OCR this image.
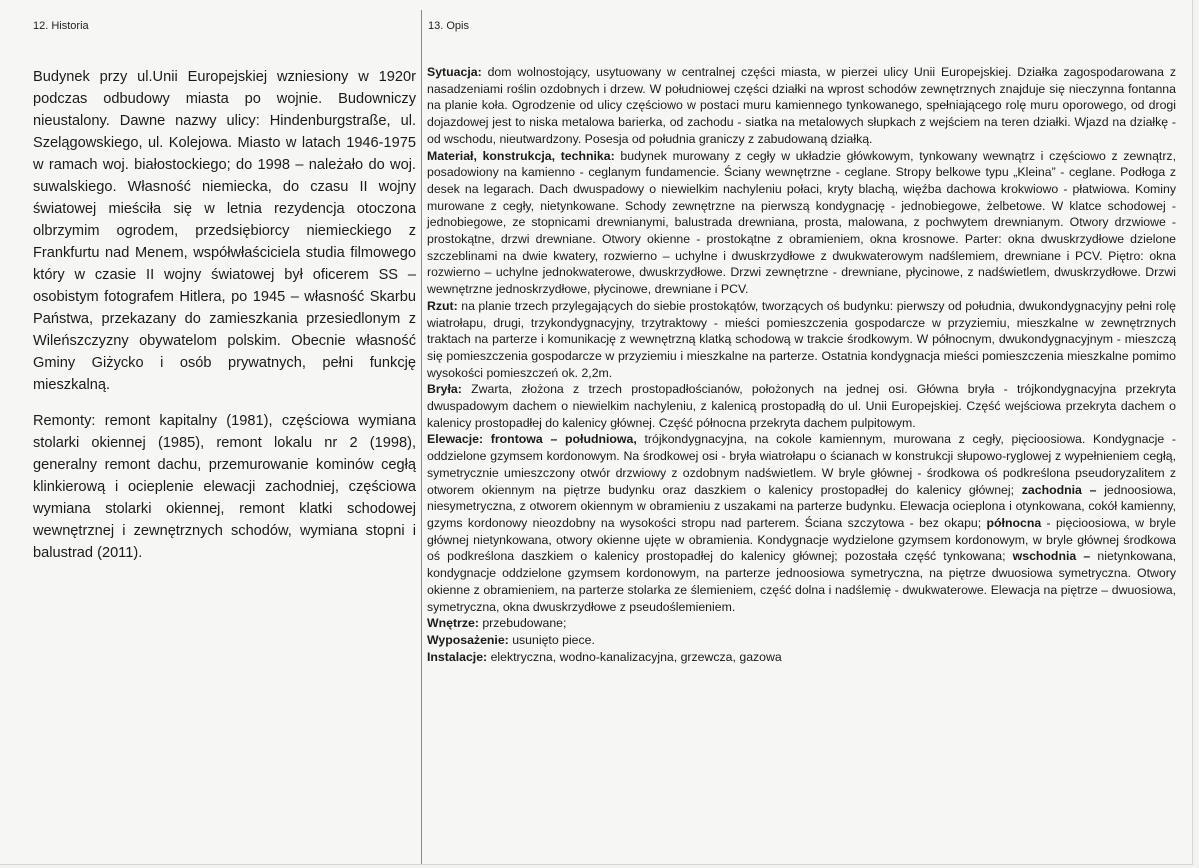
12. Historia	13. Opis

Budynek przy ul.Unii Europejskiej wzniesiony w 1920r podczas odbudowy miasta po wojnie. Budowniczy nieustalony. Dawne nazwy ulicy: Hindenburgstraße, ul. Szelągowskiego, ul. Kolejowa. Miasto w latach 1946-1975 w ramach woj. białostockiego; do 1998 – należało do woj. suwalskiego. Własność niemiecka, do czasu II wojny światowej mieściła się w letnia rezydencja otoczona olbrzymim ogrodem, przedsiębiorcy niemieckiego z Frankfurtu nad Menem, współwłaściciela studia filmowego który w czasie II wojny światowej był oficerem SS – osobistym fotografem Hitlera, po 1945 – własność Skarbu Państwa, przekazany do zamieszkania przesiedlonym z Wileńszczyzny obywatelom polskim. Obecnie własność Gminy Giżycko i osób prywatnych, pełni funkcję mieszkalną.

Remonty: remont kapitalny (1981), częściowa wymiana stolarki okiennej (1985), remont lokalu nr 2 (1998), generalny remont dachu, przemurowanie kominów cegłą klinkierową i ocieplenie elewacji zachodniej, częściowa wymiana stolarki okiennej, remont klatki schodowej wewnętrznej i zewnętrznych schodów, wymiana stopni i balustrad (2011).

Sytuacja: dom wolnostojący, usytuowany w centralnej części miasta, w pierzei ulicy Unii Europejskiej. Działka zagospodarowana z nasadzeniami roślin ozdobnych i drzew. W południowej części działki na wprost schodów zewnętrznych znajduje się nieczynna fontanna na planie koła. Ogrodzenie od ulicy częściowo w postaci muru kamiennego tynkowanego, spełniającego rolę muru oporowego, od drogi dojazdowej jest to niska metalowa barierka, od zachodu - siatka na metalowych słupkach z wejściem na teren działki. Wjazd na działkę - od wschodu, nieutwardzony. Posesja od południa graniczy z zabudowaną działką.

Materiał, konstrukcja, technika: budynek murowany z cegły w układzie główkowym, tynkowany wewnątrz i częściowo z zewnątrz, posadowiony na kamienno - ceglanym fundamencie. Ściany wewnętrzne - ceglane. Stropy belkowe typu „Kleina” - ceglane. Podłoga z desek na legarach. Dach dwuspadowy o niewielkim nachyleniu połaci, kryty blachą, więźba dachowa krokwiowo - płatwiowa. Kominy murowane z cegły, nietynkowane. Schody zewnętrzne na pierwszą kondygnację - jednobiegowe, żelbetowe. W klatce schodowej - jednobiegowe, ze stopnicami drewnianymi, balustrada drewniana, prosta, malowana, z pochwytem drewnianym. Otwory drzwiowe - prostokątne, drzwi drewniane. Otwory okienne - prostokątne z obramieniem, okna krosnowe. Parter: okna dwuskrzydłowe dzielone szczeblinami na dwie kwatery, rozwierno – uchylne i dwuskrzydłowe z dwukwaterowym nadślemiem, drewniane i PCV. Piętro: okna rozwierno – uchylne jednokwaterowe, dwuskrzydłowe. Drzwi zewnętrzne - drewniane, płycinowe, z nadświetlem, dwuskrzydłowe. Drzwi wewnętrzne jednoskrzydłowe, płycinowe, drewniane i PCV.

Rzut: na planie trzech przylegających do siebie prostokątów, tworzących oś budynku: pierwszy od południa, dwukondygnacyjny pełni rolę wiatrołapu, drugi, trzykondygnacyjny, trzytraktowy - mieści pomieszczenia gospodarcze w przyziemiu, mieszkalne w zewnętrznych traktach na parterze i komunikację z wewnętrzną klatką schodową w trakcie środkowym. W północnym, dwukondygnacyjnym - mieszczą się pomieszczenia gospodarcze w przyziemiu i mieszkalne na parterze. Ostatnia kondygnacja mieści pomieszczenia mieszkalne pomimo wysokości pomieszczeń ok. 2,2m.

Bryła: Zwarta, złożona z trzech prostopadłościanów, położonych na jednej osi. Główna bryła - trójkondygnacyjna przekryta dwuspadowym dachem o niewielkim nachyleniu, z kalenicą prostopadłą do ul. Unii Europejskiej. Część wejściowa przekryta dachem o kalenicy prostopadłej do kalenicy głównej. Część północna przekryta dachem pulpitowym.

Elewacje: frontowa – południowa, trójkondygnacyjna, na cokole kamiennym, murowana z cegły, pięcioosiowa. Kondygnacje - oddzielone gzymsem kordonowym. Na środkowej osi - bryła wiatrołapu o ścianach w konstrukcji słupowo-ryglowej z wypełnieniem cegłą, symetrycznie umieszczony otwór drzwiowy z ozdobnym nadświetlem. W bryle głównej - środkowa oś podkreślona pseudoryzalitem z otworem okiennym na piętrze budynku oraz daszkiem o kalenicy prostopadłej do kalenicy głównej; zachodnia – jednoosiowa, niesymetryczna, z otworem okiennym w obramieniu z uszakami na parterze budynku. Elewacja ocieplona i otynkowana, cokół kamienny, gzyms kordonowy nieozdobny na wysokości stropu nad parterem. Ściana szczytowa - bez okapu; północna - pięcioosiowa, w bryle głównej nietynkowana, otwory okienne ujęte w obramienia. Kondygnacje wydzielone gzymsem kordonowym, w bryle głównej środkowa oś podkreślona daszkiem o kalenicy prostopadłej do kalenicy głównej; pozostała część tynkowana; wschodnia – nietynkowana, kondygnacje oddzielone gzymsem kordonowym, na parterze jednoosiowa symetryczna, na piętrze dwuosiowa symetryczna. Otwory okienne z obramieniem, na parterze stolarka ze ślemieniem, część dolna i nadślemię - dwukwaterowe. Elewacja na piętrze – dwuosiowa, symetryczna, okna dwuskrzydłowe z pseudoślemieniem.

Wnętrze: przebudowane;

Wyposażenie: usunięto piece.

Instalacje: elektryczna, wodno-kanalizacyjna, grzewcza, gazowa
